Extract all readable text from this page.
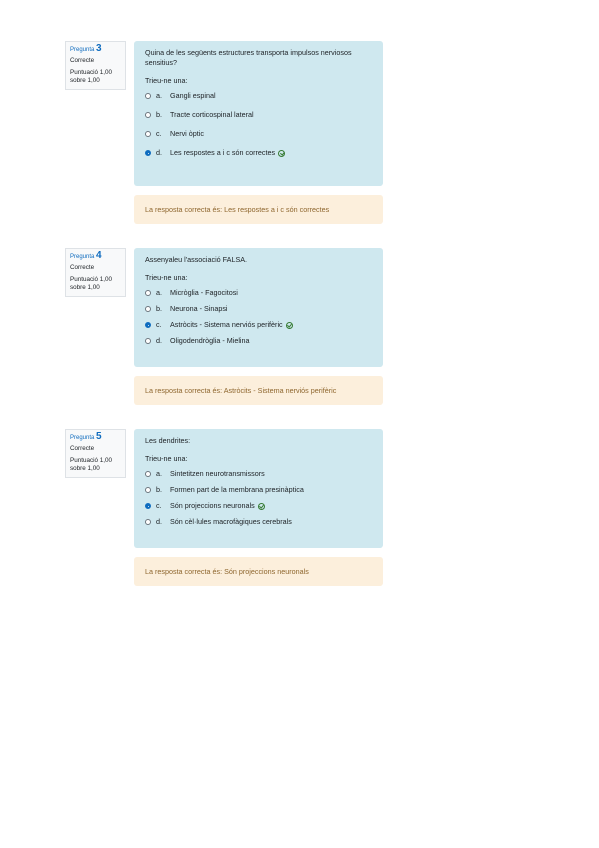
Pregunta 3
Correcte
Puntuació 1,00 sobre 1,00
Quina de les següents estructures transporta impulsos nerviosos sensitius?
Trieu-ne una:
a.	Gangli espinal
b.	Tracte corticospinal lateral
c.	Nervi òptic
d.	Les respostes a i c són correctes
La resposta correcta és: Les respostes a i c són correctes
Pregunta 4
Correcte
Puntuació 1,00 sobre 1,00
Assenyaleu l'associació FALSA.
Trieu-ne una:
a.	Micròglia - Fagocitosi
b.	Neurona - Sinapsi
c.	Astròcits - Sistema nerviós perifèric
d.	Oligodendròglia - Mielina
La resposta correcta és: Astròcits - Sistema nerviós perifèric
Pregunta 5
Correcte
Puntuació 1,00 sobre 1,00
Les dendrites:
Trieu-ne una:
a.	Sintetitzen neurotransmissors
b.	Formen part de la membrana presinàptica
c.	Són projeccions neuronals
d.	Són cèl·lules macrofàgiques cerebrals
La resposta correcta és: Són projeccions neuronals
